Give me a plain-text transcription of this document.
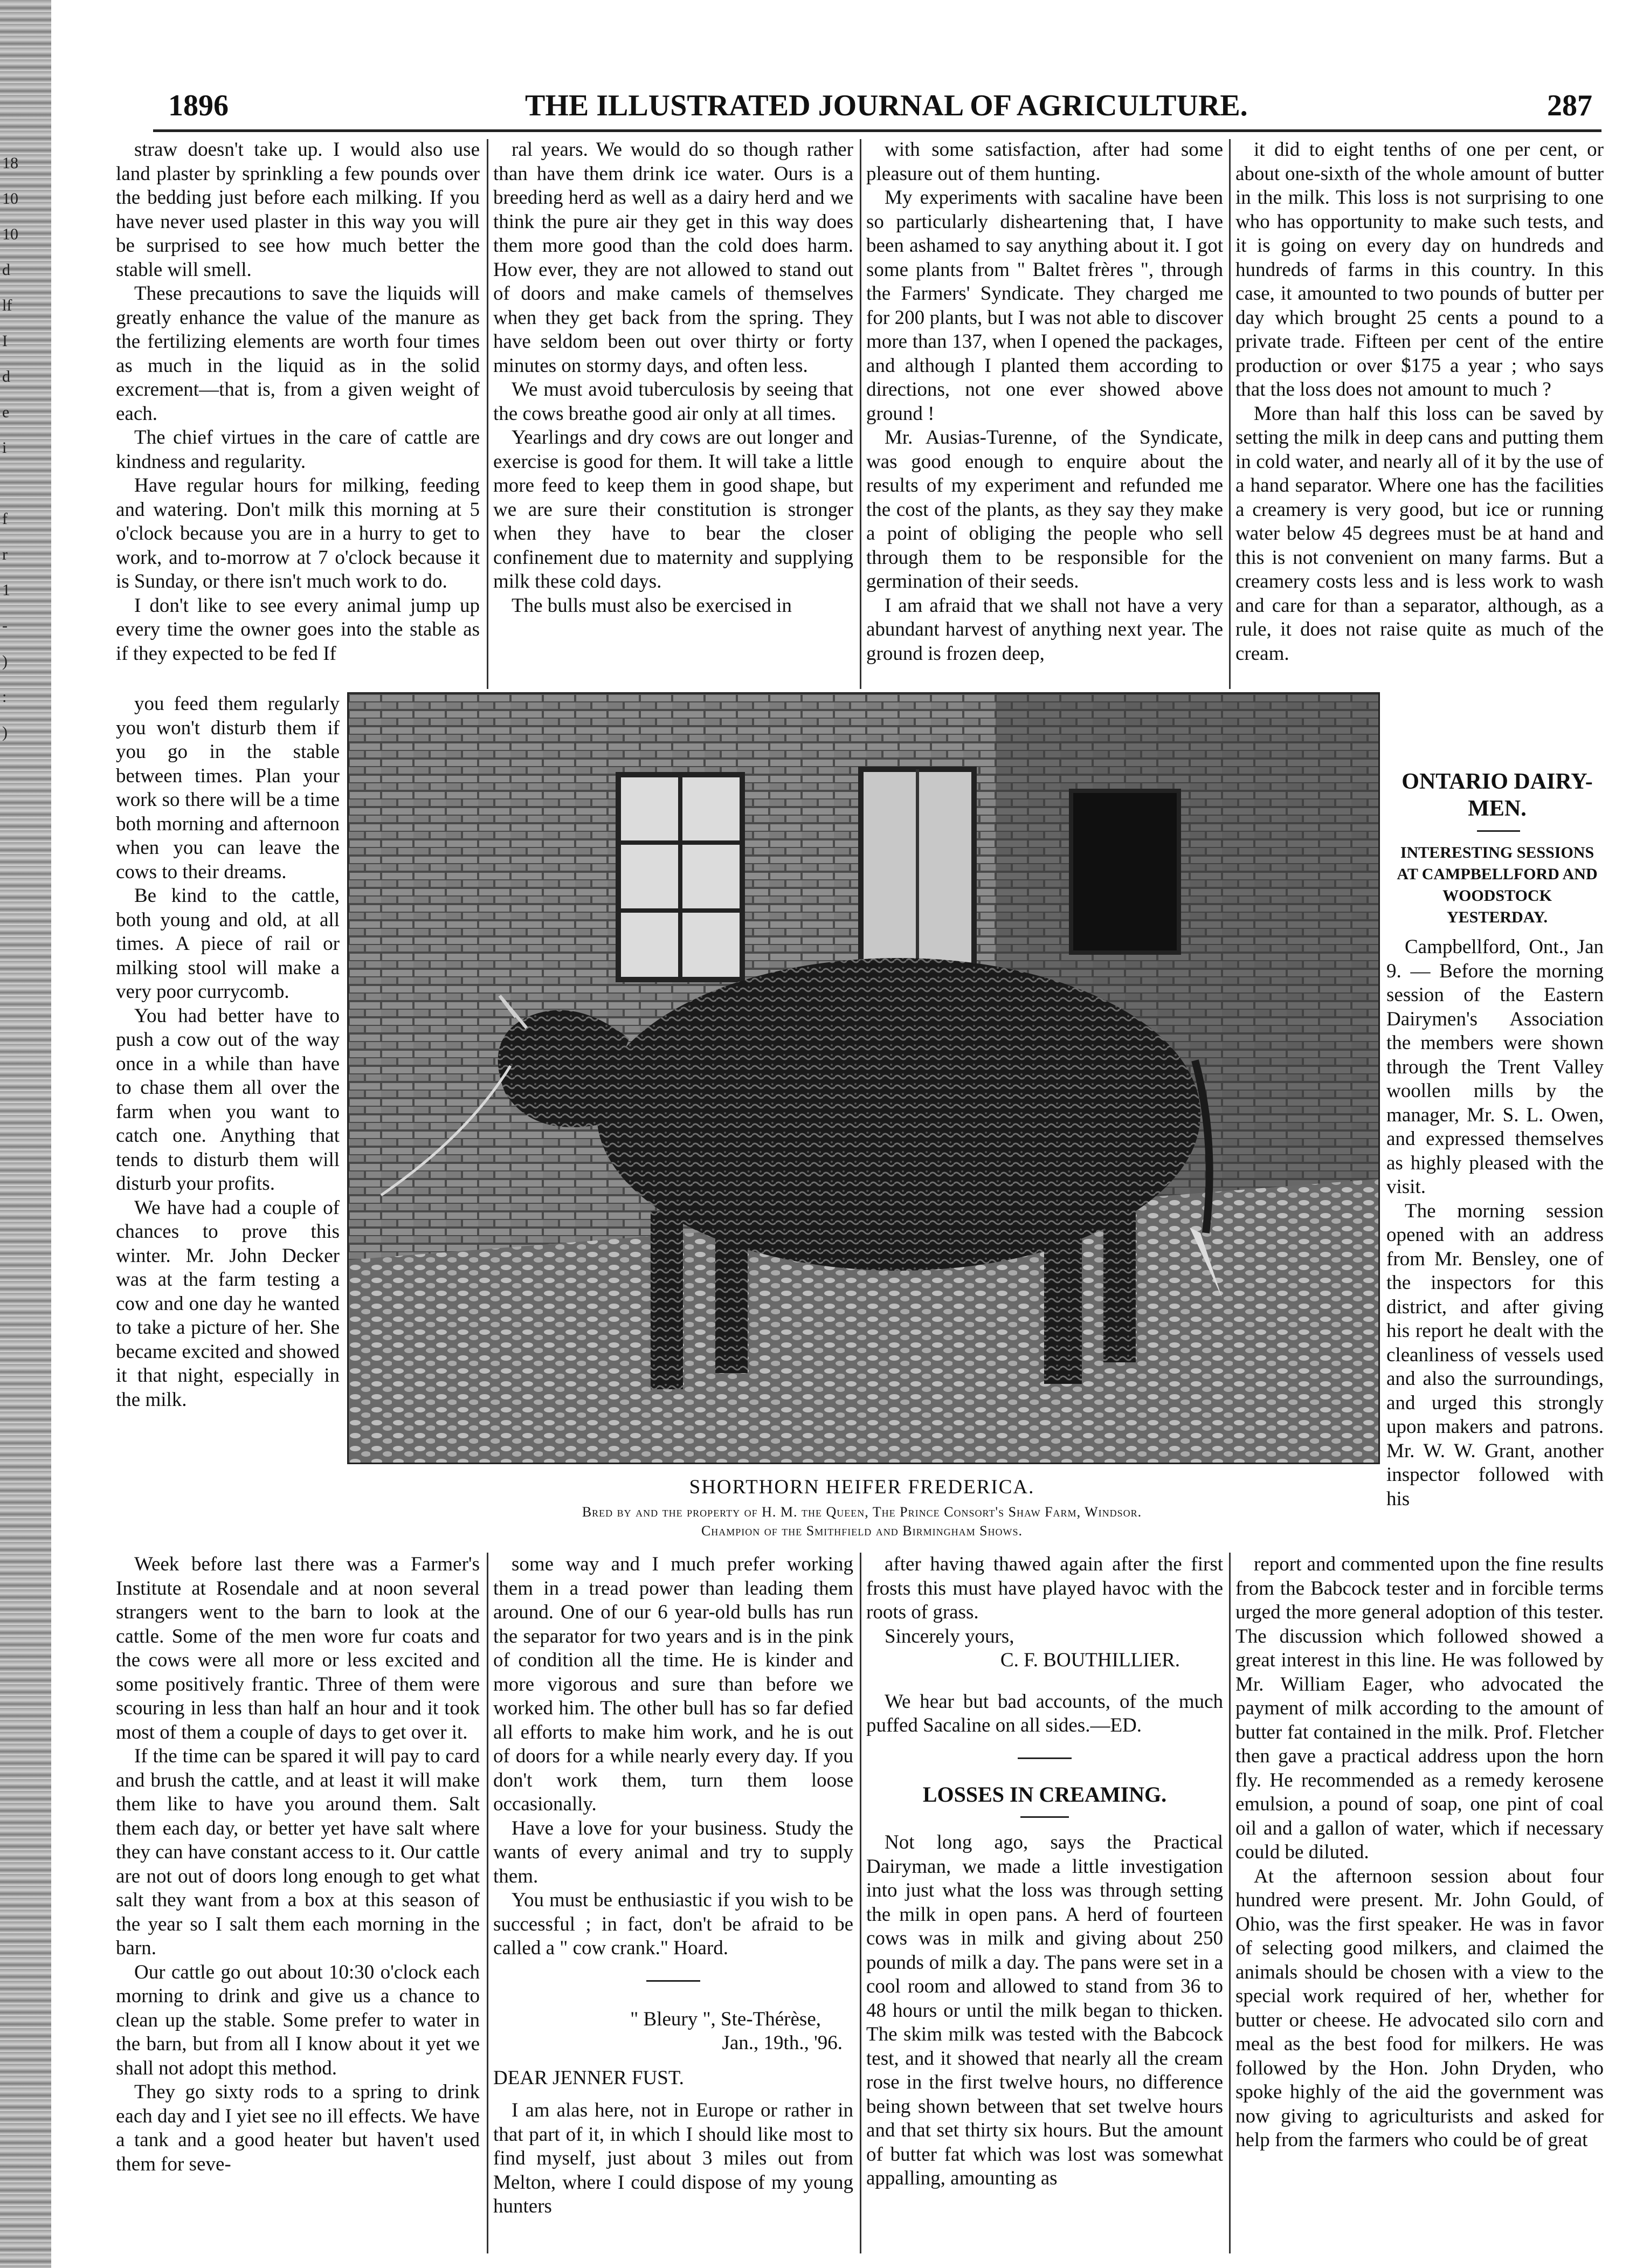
18
10
10
d
lf
I
d
e
i
f
r
1
-
)
:
)
1896	THE ILLUSTRATED JOURNAL OF AGRICULTURE.	287

straw doesn't take up. I would also use land plaster by sprinkling a few pounds over the bedding just before each milking. If you have never used plaster in this way you will be surprised to see how much better the stable will smell.

These precautions to save the liquids will greatly enhance the value of the manure as the fertilizing elements are worth four times as much in the liquid as in the solid excrement—that is, from a given weight of each.

The chief virtues in the care of cattle are kindness and regularity.

Have regular hours for milking, feeding and watering. Don't milk this morning at 5 o'clock because you are in a hurry to get to work, and to-morrow at 7 o'clock because it is Sunday, or there isn't much work to do.

I don't like to see every animal jump up every time the owner goes into the stable as if they expected to be fed If

you feed them regularly you won't disturb them if you go in the stable between times. Plan your work so there will be a time both morning and afternoon when you can leave the cows to their dreams.

Be kind to the cattle, both young and old, at all times. A piece of rail or milking stool will make a very poor currycomb.

You had better have to push a cow out of the way once in a while than have to chase them all over the farm when you want to catch one. Anything that tends to disturb them will disturb your profits.

We have had a couple of chances to prove this winter. Mr. John Decker was at the farm testing a cow and one day he wanted to take a picture of her. She became excited and showed it that night, especially in the milk.

Week before last there was a Farmer's Institute at Rosendale and at noon several strangers went to the barn to look at the cattle. Some of the men wore fur coats and the cows were all more or less excited and some positively frantic. Three of them were scouring in less than half an hour and it took most of them a couple of days to get over it.

If the time can be spared it will pay to card and brush the cattle, and at least it will make them like to have you around them. Salt them each day, or better yet have salt where they can have constant access to it. Our cattle are not out of doors long enough to get what salt they want from a box at this season of the year so I salt them each morning in the barn.

Our cattle go out about 10:30 o'clock each morning to drink and give us a chance to clean up the stable. Some prefer to water in the barn, but from all I know about it yet we shall not adopt this method.

They go sixty rods to a spring to drink each day and I yiet see no ill effects. We have a tank and a good heater but haven't used them for seve-

ral years. We would do so though rather than have them drink ice water. Ours is a breeding herd as well as a dairy herd and we think the pure air they get in this way does them more good than the cold does harm. How ever, they are not allowed to stand out of doors and make camels of themselves when they get back from the spring. They have seldom been out over thirty or forty minutes on stormy days, and often less.

We must avoid tuberculosis by seeing that the cows breathe good air only at all times.

Yearlings and dry cows are out longer and exercise is good for them. It will take a little more feed to keep them in good shape, but we are sure their constitution is stronger when they have to bear the closer confinement due to maternity and supplying milk these cold days.

The bulls must also be exercised in

some way and I much prefer working them in a tread power than leading them around. One of our 6 year-old bulls has run the separator for two years and is in the pink of condition all the time. He is kinder and more vigorous and sure than before we worked him. The other bull has so far defied all efforts to make him work, and he is out of doors for a while nearly every day. If you don't work them, turn them loose occasionally.

Have a love for your business. Study the wants of every animal and try to supply them.

You must be enthusiastic if you wish to be successful ; in fact, don't be afraid to be called a " cow crank." Hoard.

" Bleury ", Ste-Thérèse,
Jan., 19th., '96.
DEAR JENNER FUST.

I am alas here, not in Europe or rather in that part of it, in which I should like most to find myself, just about 3 miles out from Melton, where I could dispose of my young hunters

with some satisfaction, after had some pleasure out of them hunting.

My experiments with sacaline have been so particularly disheartening that, I have been ashamed to say anything about it. I got some plants from " Baltet frères ", through the Farmers' Syndicate. They charged me for 200 plants, but I was not able to discover more than 137, when I opened the packages, and although I planted them according to directions, not one ever showed above ground !

Mr. Ausias-Turenne, of the Syndicate, was good enough to enquire about the results of my experiment and refunded me the cost of the plants, as they say they make a point of obliging the people who sell through them to be responsible for the germination of their seeds.

I am afraid that we shall not have a very abundant harvest of anything next year. The ground is frozen deep,

after having thawed again after the first frosts this must have played havoc with the roots of grass.

Sincerely yours,
C. F. BOUTHILLIER.

We hear but bad accounts, of the much puffed Sacaline on all sides.—ED.

LOSSES IN CREAMING.

Not long ago, says the Practical Dairyman, we made a little investigation into just what the loss was through setting the milk in open pans. A herd of fourteen cows was in milk and giving about 250 pounds of milk a day. The pans were set in a cool room and allowed to stand from 36 to 48 hours or until the milk began to thicken. The skim milk was tested with the Babcock test, and it showed that nearly all the cream rose in the first twelve hours, no difference being shown between that set twelve hours and that set thirty six hours. But the amount of butter fat which was lost was somewhat appalling, amounting as

it did to eight tenths of one per cent, or about one-sixth of the whole amount of butter in the milk. This loss is not surprising to one who has opportunity to make such tests, and it is going on every day on hundreds and hundreds of farms in this country. In this case, it amounted to two pounds of butter per day which brought 25 cents a pound to a private trade. Fifteen per cent of the entire production or over $175 a year ; who says that the loss does not amount to much ?

More than half this loss can be saved by setting the milk in deep cans and putting them in cold water, and nearly all of it by the use of a hand separator. Where one has the facilities a creamery is very good, but ice or running water below 45 degrees must be at hand and this is not convenient on many farms. But a creamery costs less and is less work to wash and care for than a separator, although, as a rule, it does not raise quite as much of the cream.

ONTARIO DAIRY-MEN.
INTERESTING SESSIONS AT CAMPBELLFORD AND WOODSTOCK YESTERDAY.

Campbellford, Ont., Jan 9. — Before the morning session of the Eastern Dairymen's Association the members were shown through the Trent Valley woollen mills by the manager, Mr. S. L. Owen, and expressed themselves as highly pleased with the visit.

The morning session opened with an address from Mr. Bensley, one of the inspectors for this district, and after giving his report he dealt with the cleanliness of vessels used and also the surroundings, and urged this strongly upon makers and patrons. Mr. W. W. Grant, another inspector followed with his

report and commented upon the fine results from the Babcock tester and in forcible terms urged the more general adoption of this tester. The discussion which followed showed a great interest in this line. He was followed by Mr. William Eager, who advocated the payment of milk according to the amount of butter fat contained in the milk. Prof. Fletcher then gave a practical address upon the horn fly. He recommended as a remedy kerosene emulsion, a pound of soap, one pint of coal oil and a gallon of water, which if necessary could be diluted.

At the afternoon session about four hundred were present. Mr. John Gould, of Ohio, was the first speaker. He was in favor of selecting good milkers, and claimed the animals should be chosen with a view to the special work required of her, whether for butter or cheese. He advocated silo corn and meal as the best food for milkers. He was followed by the Hon. John Dryden, who spoke highly of the aid the government was now giving to agriculturists and asked for help from the farmers who could be of great

SHORTHORN HEIFER FREDERICA.
Bred by and the property of H. M. the Queen, The Prince Consort's Shaw Farm, Windsor.
Champion of the Smithfield and Birmingham Shows.
